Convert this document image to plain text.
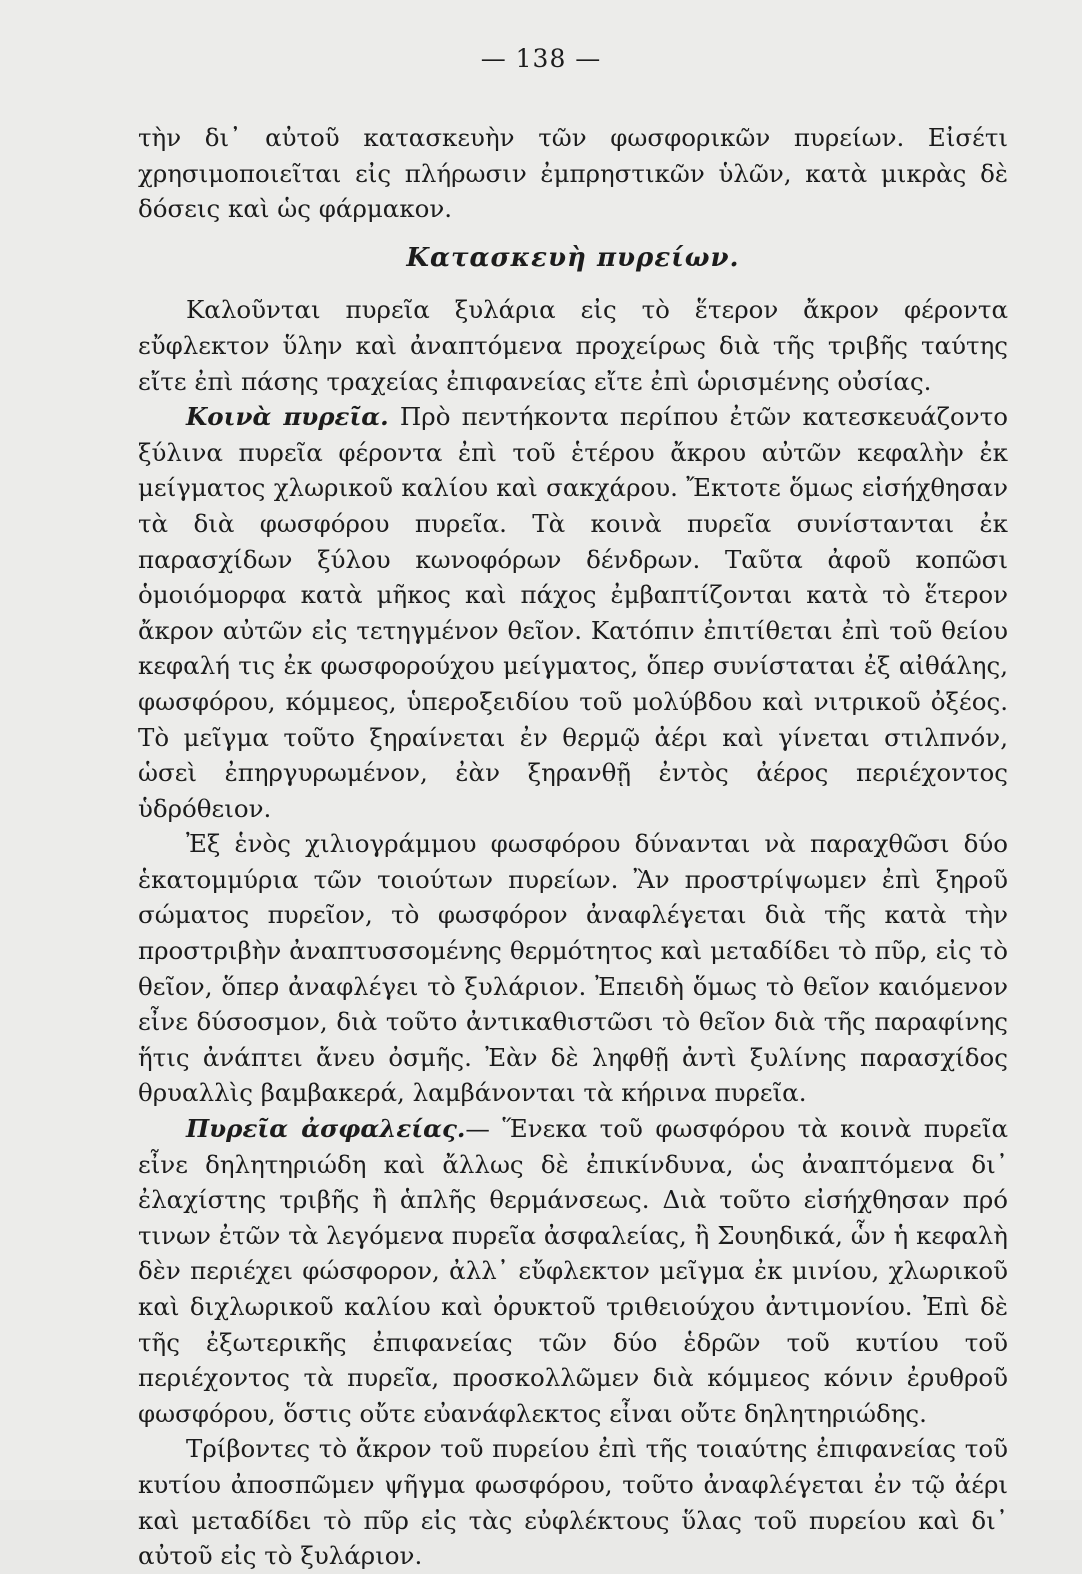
— 138 —

τὴν δι᾽ αὐτοῦ κατασκευὴν τῶν φωσφορικῶν πυρείων. Εἰσέτι χρησιμοποιεῖται εἰς πλήρωσιν ἐμπρηστικῶν ὑλῶν, κατὰ μικρὰς δὲ δόσεις καὶ ὡς φάρμακον.

Κατασκευὴ πυρείων.

Καλοῦνται πυρεῖα ξυλάρια εἰς τὸ ἕτερον ἄκρον φέροντα εὔφλεκτον ὕλην καὶ ἀναπτόμενα προχείρως διὰ τῆς τριβῆς ταύτης εἴτε ἐπὶ πάσης τραχείας ἐπιφανείας εἴτε ἐπὶ ὡρισμένης οὐσίας.

Κοινὰ πυρεῖα. Πρὸ πεντήκοντα περίπου ἐτῶν κατεσκευάζοντο ξύλινα πυρεῖα φέροντα ἐπὶ τοῦ ἑτέρου ἄκρου αὐτῶν κεφαλὴν ἐκ μείγματος χλωρικοῦ καλίου καὶ σακχάρου. Ἔκτοτε ὅμως εἰσήχθησαν τὰ διὰ φωσφόρου πυρεῖα. Τὰ κοινὰ πυρεῖα συνίστανται ἐκ παρασχίδων ξύλου κωνοφόρων δένδρων. Ταῦτα ἀφοῦ κοπῶσι ὁμοιόμορφα κατὰ μῆκος καὶ πάχος ἐμβαπτίζονται κατὰ τὸ ἕτερον ἄκρον αὐτῶν εἰς τετηγμένον θεῖον. Κατόπιν ἐπιτίθεται ἐπὶ τοῦ θείου κεφαλή τις ἐκ φωσφορούχου μείγματος, ὅπερ συνίσταται ἐξ αἰθάλης, φωσφόρου, κόμμεος, ὑπεροξειδίου τοῦ μολύβδου καὶ νιτρικοῦ ὀξέος. Τὸ μεῖγμα τοῦτο ξηραίνεται ἐν θερμῷ ἀέρι καὶ γίνεται στιλπνόν, ὡσεὶ ἐπηργυρωμένον, ἐὰν ξηρανθῇ ἐντὸς ἀέρος περιέχοντος ὑδρόθειον.

Ἐξ ἑνὸς χιλιογράμμου φωσφόρου δύνανται νὰ παραχθῶσι δύο ἑκατομμύρια τῶν τοιούτων πυρείων. Ἂν προστρίψωμεν ἐπὶ ξηροῦ σώματος πυρεῖον, τὸ φωσφόρον ἀναφλέγεται διὰ τῆς κατὰ τὴν προστριβὴν ἀναπτυσσομένης θερμότητος καὶ μεταδίδει τὸ πῦρ, εἰς τὸ θεῖον, ὅπερ ἀναφλέγει τὸ ξυλάριον. Ἐπειδὴ ὅμως τὸ θεῖον καιόμενον εἶνε δύσοσμον, διὰ τοῦτο ἀντικαθιστῶσι τὸ θεῖον διὰ τῆς παραφίνης ἥτις ἀνάπτει ἄνευ ὀσμῆς. Ἐὰν δὲ ληφθῇ ἀντὶ ξυλίνης παρασχίδος θρυαλλὶς βαμβακερά, λαμβάνονται τὰ κήρινα πυρεῖα.

Πυρεῖα ἀσφαλείας.— Ἕνεκα τοῦ φωσφόρου τὰ κοινὰ πυρεῖα εἶνε δηλητηριώδη καὶ ἄλλως δὲ ἐπικίνδυνα, ὡς ἀναπτόμενα δι᾽ ἐλαχίστης τριβῆς ἢ ἁπλῆς θερμάνσεως. Διὰ τοῦτο εἰσήχθησαν πρό τινων ἐτῶν τὰ λεγόμενα πυρεῖα ἀσφαλείας, ἢ Σουηδικά, ὧν ἡ κεφαλὴ δὲν περιέχει φώσφορον, ἀλλ᾽ εὔφλεκτον μεῖγμα ἐκ μινίου, χλωρικοῦ καὶ διχλωρικοῦ καλίου καὶ ὀρυκτοῦ τριθειούχου ἀντιμονίου. Ἐπὶ δὲ τῆς ἐξωτερικῆς ἐπιφανείας τῶν δύο ἑδρῶν τοῦ κυτίου τοῦ περιέχοντος τὰ πυρεῖα, προσκολλῶμεν διὰ κόμμεος κόνιν ἐρυθροῦ φωσφόρου, ὅστις οὔτε εὐανάφλεκτος εἶναι οὔτε δηλητηριώδης.

Τρίβοντες τὸ ἄκρον τοῦ πυρείου ἐπὶ τῆς τοιαύτης ἐπιφανείας τοῦ κυτίου ἀποσπῶμεν ψῆγμα φωσφόρου, τοῦτο ἀναφλέγεται ἐν τῷ ἀέρι καὶ μεταδίδει τὸ πῦρ εἰς τὰς εὐφλέκτους ὕλας τοῦ πυρείου καὶ δι᾽ αὐτοῦ εἰς τὸ ξυλάριον.
